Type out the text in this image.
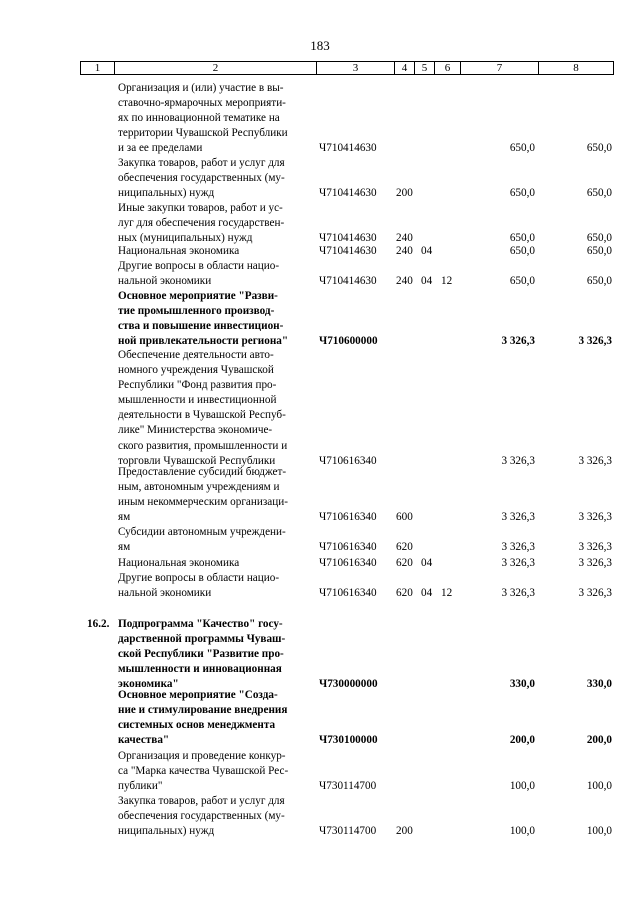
183
1	2	3	4	5	6	7	8
Организация и (или) участие в вы-
ставочно-ярмарочных мероприяти-
ях по инновационной тематике на
территории Чувашской Республики
и за ее пределами	Ч710414630	650,0	650,0
Закупка товаров, работ и услуг для
обеспечения государственных (му-
ниципальных) нужд	Ч710414630 200	650,0	650,0
Иные закупки товаров, работ и ус-
луг для обеспечения государствен-
ных (муниципальных) нужд	Ч710414630 240	650,0	650,0
Национальная экономика	Ч710414630 240 04	650,0	650,0
Другие вопросы в области нацио-
нальной экономики	Ч710414630 240 04 12	650,0	650,0
Основное мероприятие "Разви-
тие промышленного производ-
ства и повышение инвестицион-
ной привлекательности региона"	Ч710600000	3 326,3	3 326,3
Обеспечение деятельности авто-
номного учреждения Чувашской
Республики "Фонд развития про-
мышленности и инвестиционной
деятельности в Чувашской Респуб-
лике" Министерства экономиче-
ского развития, промышленности и
торговли Чувашской Республики	Ч710616340	3 326,3	3 326,3
Предоставление субсидий бюджет-
ным, автономным учреждениям и
иным некоммерческим организаци-
ям	Ч710616340 600	3 326,3	3 326,3
Субсидии автономным учреждени-
ям	Ч710616340 620	3 326,3	3 326,3
Национальная экономика	Ч710616340 620 04	3 326,3	3 326,3
Другие вопросы в области нацио-
нальной экономики	Ч710616340 620 04 12	3 326,3	3 326,3
16.2. Подпрограмма "Качество" госу-
дарственной программы Чуваш-
ской Республики "Развитие про-
мышленности и инновационная
экономика"	Ч730000000	330,0	330,0
Основное мероприятие "Созда-
ние и стимулирование внедрения
системных основ менеджмента
качества"	Ч730100000	200,0	200,0
Организация и проведение конкур-
са "Марка качества Чувашской Рес-
публики"	Ч730114700	100,0	100,0
Закупка товаров, работ и услуг для
обеспечения государственных (му-
ниципальных) нужд	Ч730114700 200	100,0	100,0
